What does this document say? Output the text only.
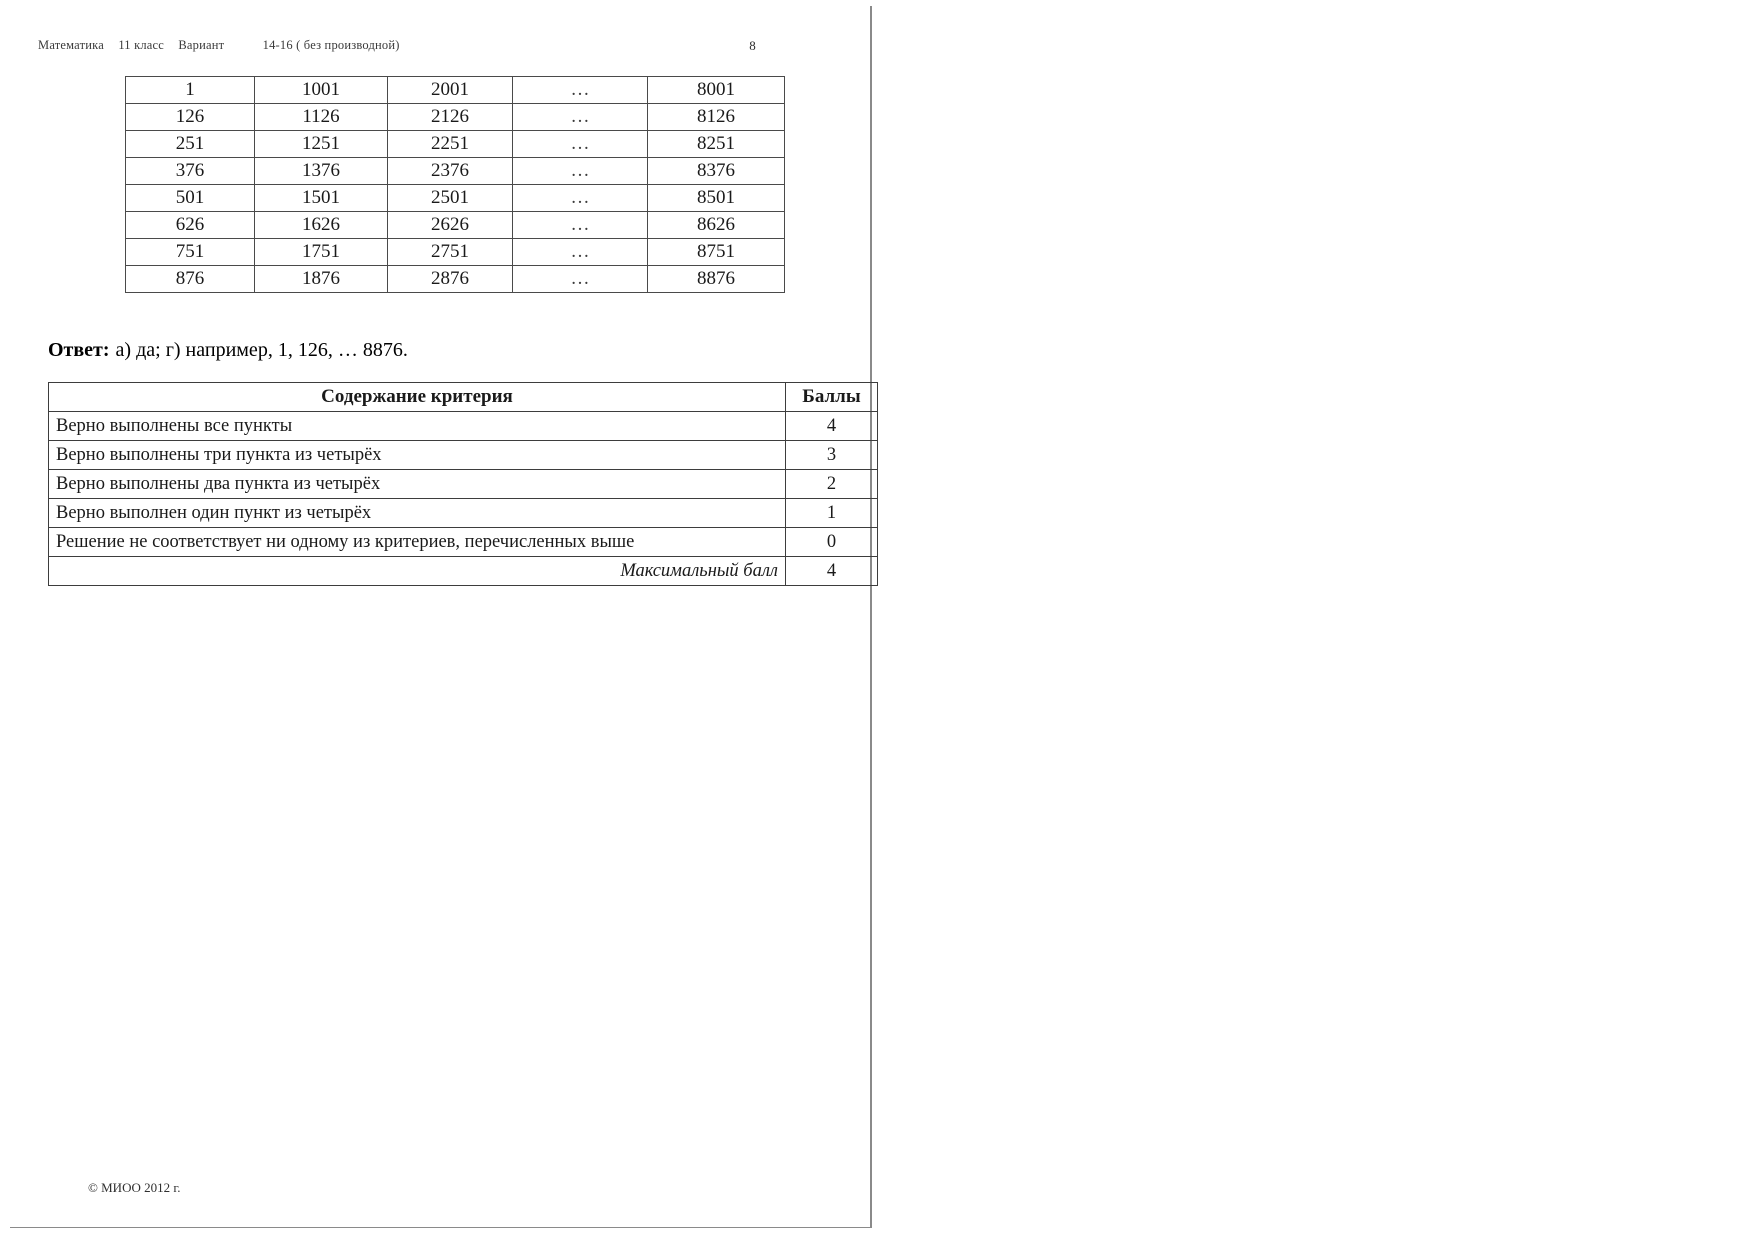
Математика 11 класс Вариант	14-16 ( без производной)	8
1	1001	2001	…	8001
126	1126	2126	…	8126
251	1251	2251	…	8251
376	1376	2376	…	8376
501	1501	2501	…	8501
626	1626	2626	…	8626
751	1751	2751	…	8751
876	1876	2876	…	8876
Ответ: а) да; г) например, 1, 126, … 8876.
Содержание критерия	Баллы
Верно выполнены все пункты	4
Верно выполнены три пункта из четырёх	3
Верно выполнены два пункта из четырёх	2
Верно выполнен один пункт из четырёх	1
Решение не соответствует ни одному из критериев, перечисленных выше	0
Максимальный балл	4
© МИОО 2012 г.
